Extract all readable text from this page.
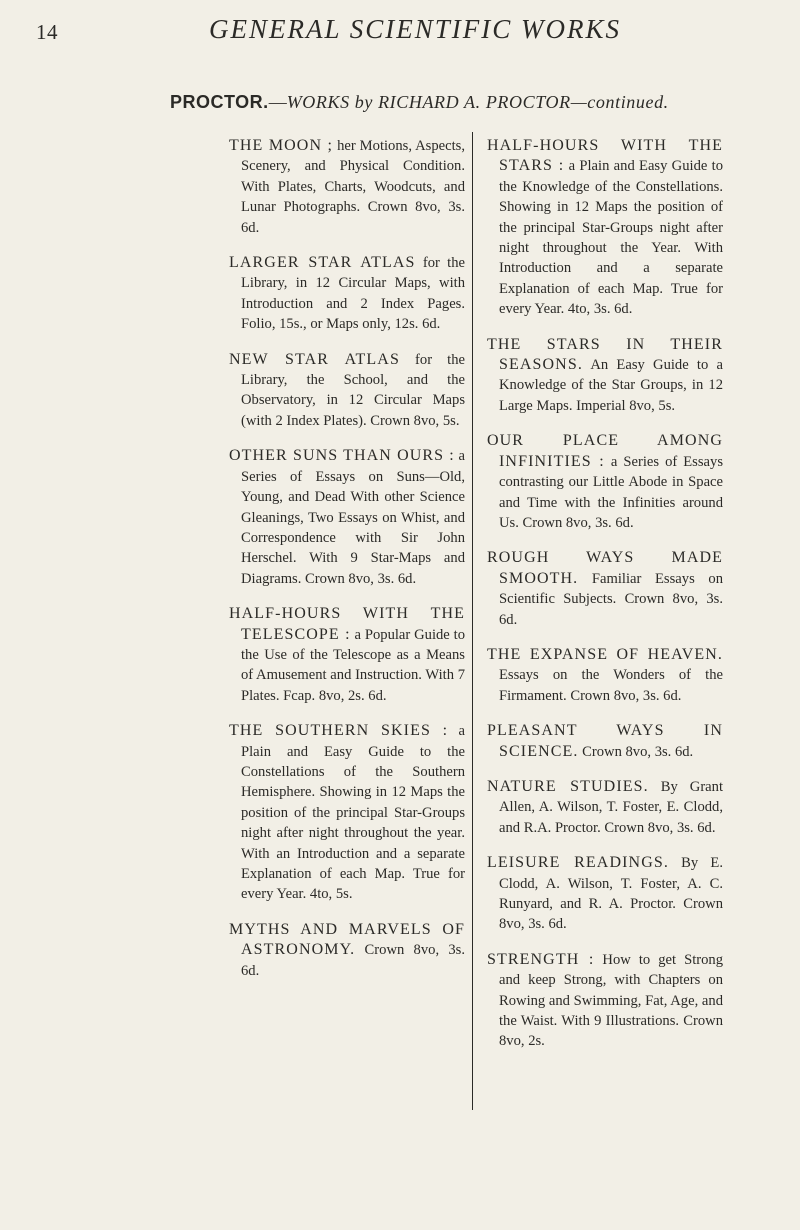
14	GENERAL SCIENTIFIC WORKS
PROCTOR.—WORKS by RICHARD A. PROCTOR—continued.

THE MOON ; her Motions, Aspects, Scenery, and Physical Condition. With Plates, Charts, Woodcuts, and Lunar Photographs. Crown 8vo, 3s. 6d.

LARGER STAR ATLAS for the Library, in 12 Circular Maps, with Introduction and 2 Index Pages. Folio, 15s., or Maps only, 12s. 6d.

NEW STAR ATLAS for the Library, the School, and the Observatory, in 12 Circular Maps (with 2 Index Plates). Crown 8vo, 5s.

OTHER SUNS THAN OURS : a Series of Essays on Suns—Old, Young, and Dead With other Science Gleanings, Two Essays on Whist, and Correspondence with Sir John Herschel. With 9 Star-Maps and Diagrams. Crown 8vo, 3s. 6d.

HALF-HOURS WITH THE TELESCOPE : a Popular Guide to the Use of the Telescope as a Means of Amusement and Instruction. With 7 Plates. Fcap. 8vo, 2s. 6d.

THE SOUTHERN SKIES : a Plain and Easy Guide to the Constellations of the Southern Hemisphere. Showing in 12 Maps the position of the principal Star-Groups night after night throughout the year. With an Introduction and a separate Explanation of each Map. True for every Year. 4to, 5s.

MYTHS AND MARVELS OF ASTRONOMY. Crown 8vo, 3s. 6d.

HALF-HOURS WITH THE STARS : a Plain and Easy Guide to the Knowledge of the Constellations. Showing in 12 Maps the position of the principal Star-Groups night after night throughout the Year. With Introduction and a separate Explanation of each Map. True for every Year. 4to, 3s. 6d.

THE STARS IN THEIR SEASONS. An Easy Guide to a Knowledge of the Star Groups, in 12 Large Maps. Imperial 8vo, 5s.

OUR PLACE AMONG INFINITIES : a Series of Essays contrasting our Little Abode in Space and Time with the Infinities around Us. Crown 8vo, 3s. 6d.

ROUGH WAYS MADE SMOOTH. Familiar Essays on Scientific Subjects. Crown 8vo, 3s. 6d.

THE EXPANSE OF HEAVEN. Essays on the Wonders of the Firmament. Crown 8vo, 3s. 6d.

PLEASANT WAYS IN SCIENCE. Crown 8vo, 3s. 6d.

NATURE STUDIES. By Grant Allen, A. Wilson, T. Foster, E. Clodd, and R.A. Proctor. Crown 8vo, 3s. 6d.

LEISURE READINGS. By E. Clodd, A. Wilson, T. Foster, A. C. Runyard, and R. A. Proctor. Crown 8vo, 3s. 6d.

STRENGTH : How to get Strong and keep Strong, with Chapters on Rowing and Swimming, Fat, Age, and the Waist. With 9 Illustrations. Crown 8vo, 2s.
